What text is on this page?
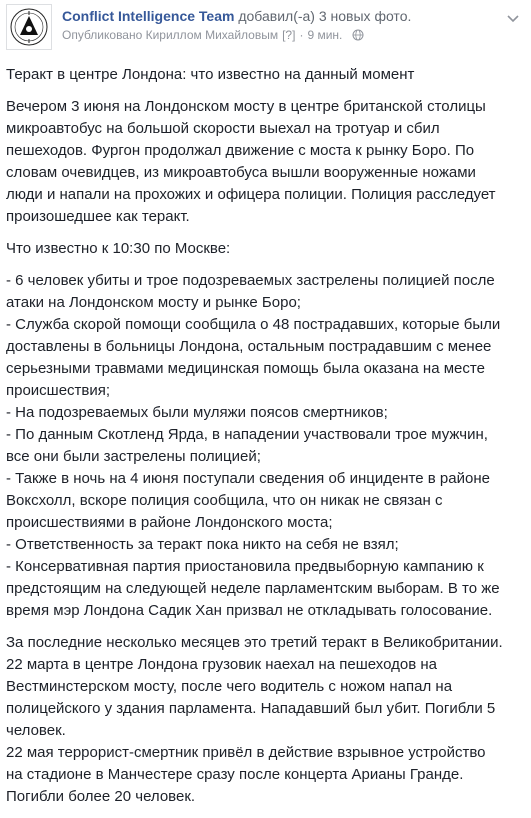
Conflict Intelligence Team добавил(-а) 3 новых фото.
Опубликовано Кириллом Михайловым [?] · 9 мин.

Теракт в центре Лондона: что известно на данный момент

Вечером 3 июня на Лондонском мосту в центре британской столицы
микроавтобус на большой скорости выехал на тротуар и сбил
пешеходов. Фургон продолжал движение с моста к рынку Боро. По
словам очевидцев, из микроавтобуса вышли вооруженные ножами
люди и напали на прохожих и офицера полиции. Полиция расследует
произошедшее как теракт.

Что известно к 10:30 по Москве:

- 6 человек убиты и трое подозреваемых застрелены полицией после
атаки на Лондонском мосту и рынке Боро;
- Служба скорой помощи сообщила о 48 пострадавших, которые были
доставлены в больницы Лондона, остальным пострадавшим с менее
серьезными травмами медицинская помощь была оказана на месте
происшествия;
- На подозреваемых были муляжи поясов смертников;
- По данным Скотленд Ярда, в нападении участвовали трое мужчин,
все они были застрелены полицией;
- Также в ночь на 4 июня поступали сведения об инциденте в районе
Воксхолл, вскоре полиция сообщила, что он никак не связан с
происшествиями в районе Лондонского моста;
- Ответственность за теракт пока никто на себя не взял;
- Консервативная партия приостановила предвыборную кампанию к
предстоящим на следующей неделе парламентским выборам. В то же
время мэр Лондона Садик Хан призвал не откладывать голосование.

За последние несколько месяцев это третий теракт в Великобритании.
22 марта в центре Лондона грузовик наехал на пешеходов на
Вестминстерском мосту, после чего водитель с ножом напал на
полицейского у здания парламента. Нападавший был убит. Погибли 5
человек.
22 мая террорист-смертник привёл в действие взрывное устройство
на стадионе в Манчестере сразу после концерта Арианы Гранде.
Погибли более 20 человек.
